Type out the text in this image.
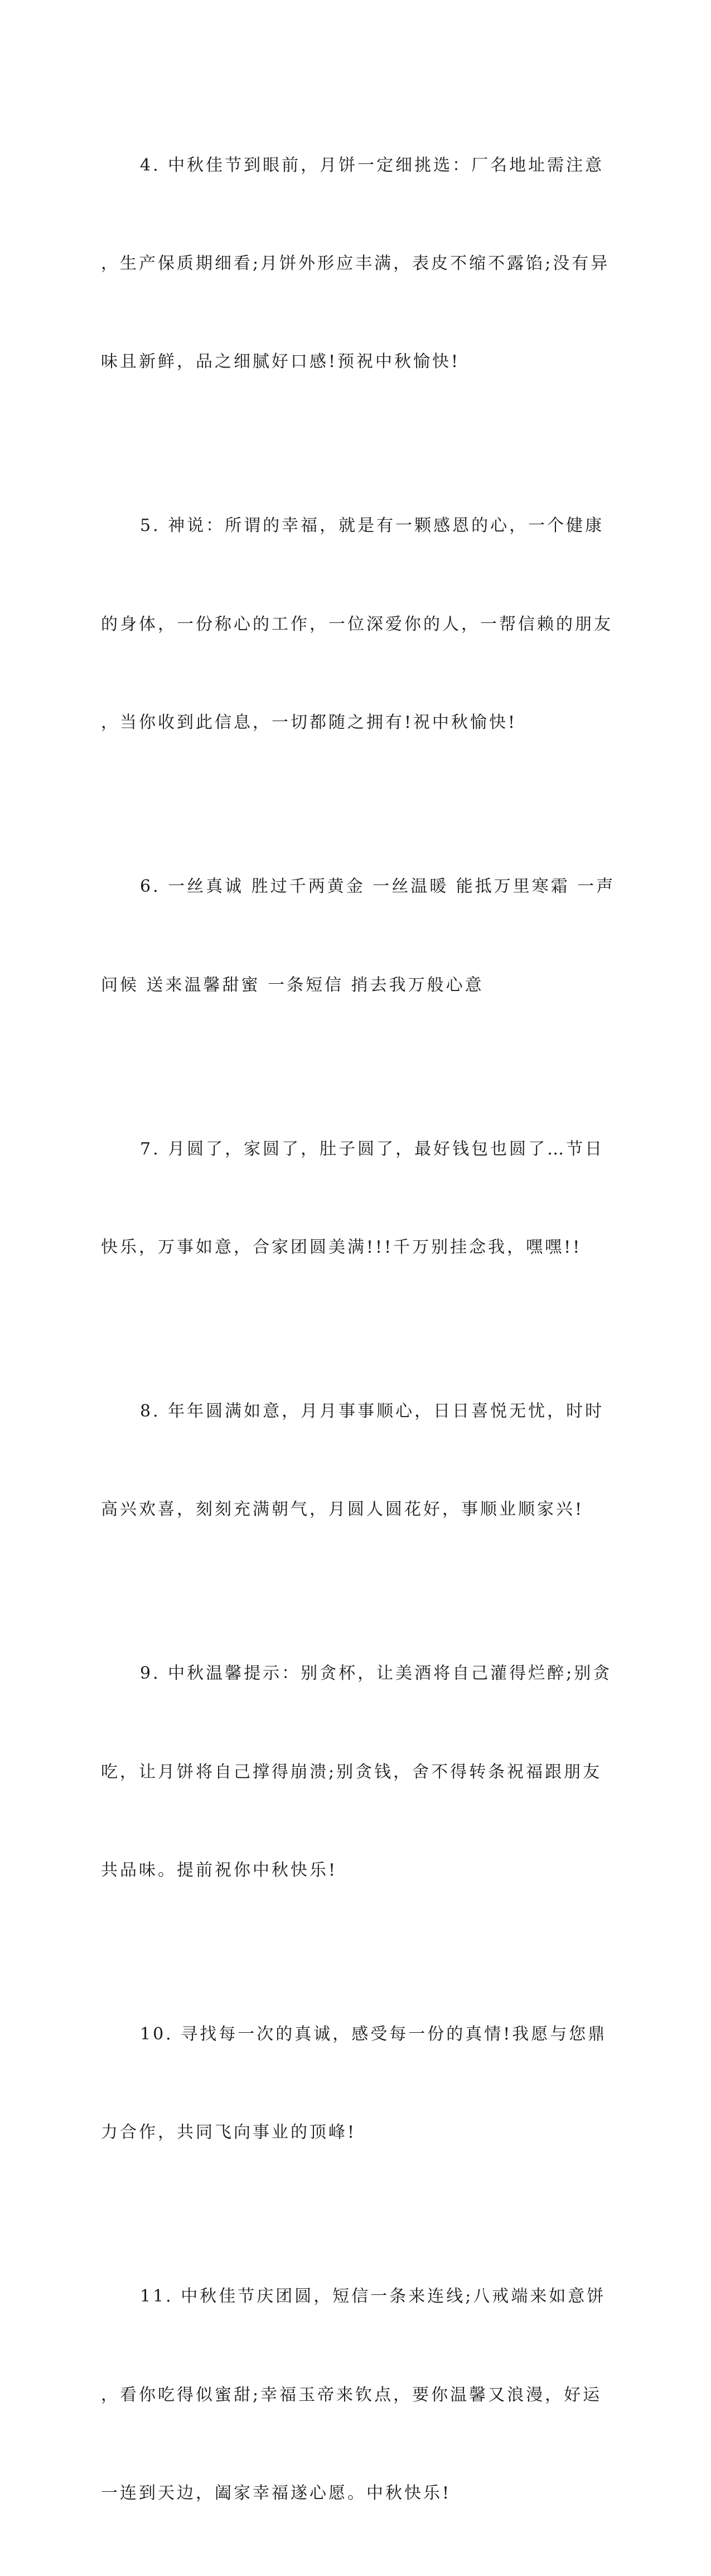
4. 中秋佳节到眼前，月饼一定细挑选：厂名地址需注意

，生产保质期细看;月饼外形应丰满，表皮不缩不露馅;没有异

味且新鲜，品之细腻好口感!预祝中秋愉快!

5. 神说：所谓的幸福，就是有一颗感恩的心，一个健康

的身体，一份称心的工作，一位深爱你的人，一帮信赖的朋友

，当你收到此信息，一切都随之拥有!祝中秋愉快!

6. 一丝真诚 胜过千两黄金 一丝温暖 能抵万里寒霜 一声

问候 送来温馨甜蜜 一条短信 捎去我万般心意

7. 月圆了，家圆了，肚子圆了，最好钱包也圆了…节日

快乐，万事如意，合家团圆美满!!!千万别挂念我，嘿嘿!!

8. 年年圆满如意，月月事事顺心，日日喜悦无忧，时时

高兴欢喜，刻刻充满朝气，月圆人圆花好，事顺业顺家兴!

9. 中秋温馨提示：别贪杯，让美酒将自己灌得烂醉;别贪

吃，让月饼将自己撑得崩溃;别贪钱，舍不得转条祝福跟朋友

共品味。提前祝你中秋快乐!

10. 寻找每一次的真诚，感受每一份的真情!我愿与您鼎

力合作，共同飞向事业的顶峰!

11. 中秋佳节庆团圆，短信一条来连线;八戒端来如意饼

，看你吃得似蜜甜;幸福玉帝来钦点，要你温馨又浪漫，好运

一连到天边，阖家幸福遂心愿。中秋快乐!
